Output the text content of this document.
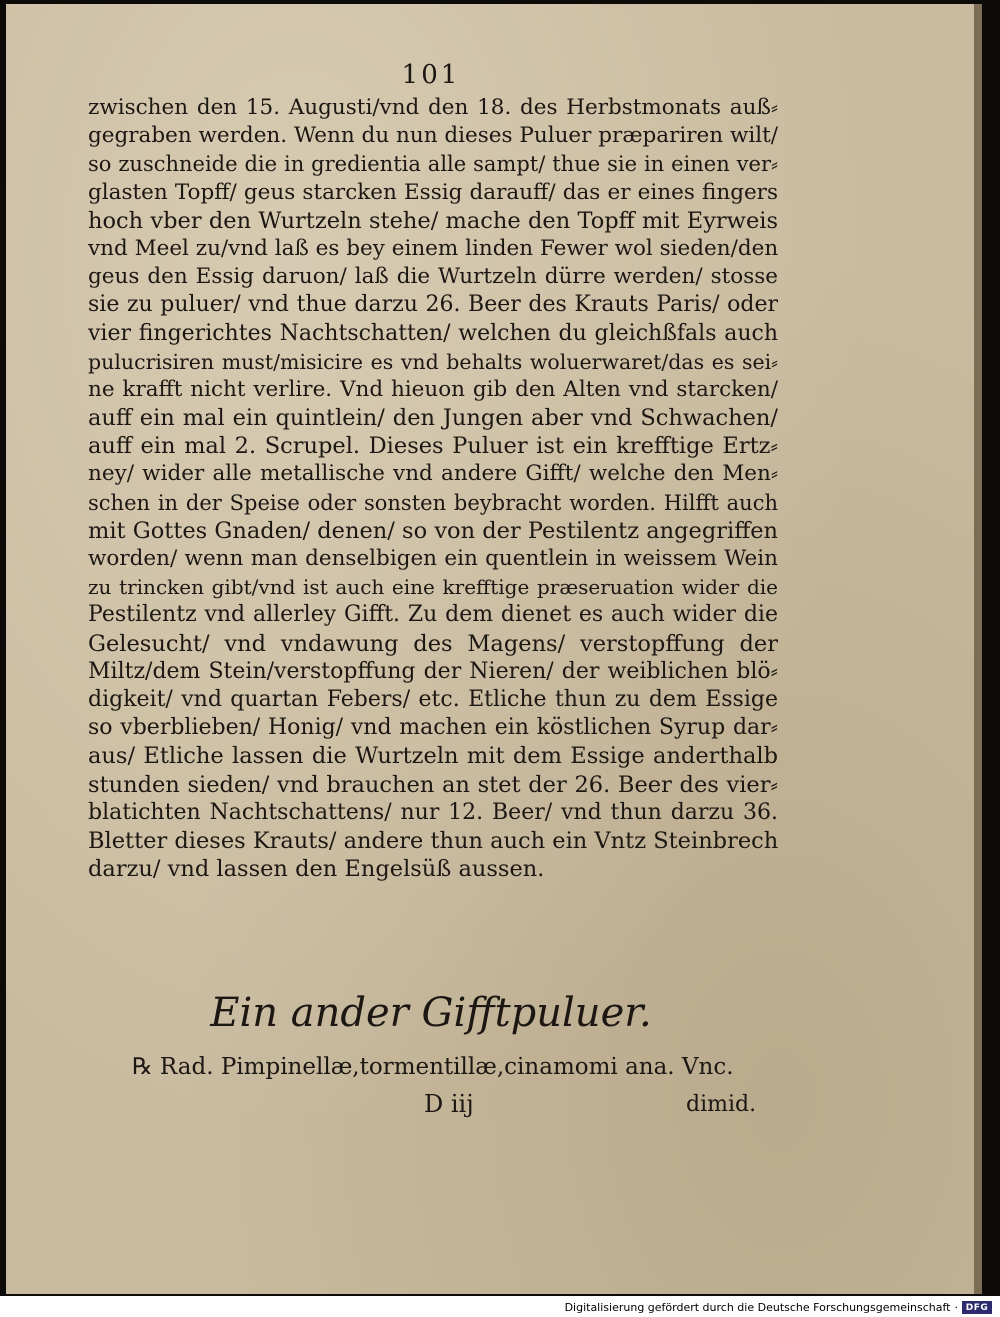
101
zwischen den 15. Augusti/vnd den 18. des Herbstmonats auß⸗
gegraben werden. Wenn du nun dieses Puluer præpariren wilt/
so zuschneide die in gredientia alle sampt/ thue sie in einen ver⸗
glasten Topff/ geus starcken Essig darauff/ das er eines fingers
hoch vber den Wurtzeln stehe/ mache den Topff mit Eyrweis
vnd Meel zu/vnd laß es bey einem linden Fewer wol sieden/den
geus den Essig daruon/ laß die Wurtzeln dürre werden/ stosse
sie zu puluer/ vnd thue darzu 26. Beer des Krauts Paris/ oder
vier fingerichtes Nachtschatten/ welchen du gleichßfals auch
pulucrisiren must/misicire es vnd behalts woluerwaret/das es sei⸗
ne krafft nicht verlire. Vnd hieuon gib den Alten vnd starcken/
auff ein mal ein quintlein/ den Jungen aber vnd Schwachen/
auff ein mal 2. Scrupel. Dieses Puluer ist ein krefftige Ertz⸗
ney/ wider alle metallische vnd andere Gifft/ welche den Men⸗
schen in der Speise oder sonsten beybracht worden. Hilfft auch
mit Gottes Gnaden/ denen/ so von der Pestilentz angegriffen
worden/ wenn man denselbigen ein quentlein in weissem Wein
zu trincken gibt/vnd ist auch eine krefftige præseruation wider die
Pestilentz vnd allerley Gifft. Zu dem dienet es auch wider die
Gelesucht/ vnd vndawung des Magens/ verstopffung der
Miltz/dem Stein/verstopffung der Nieren/ der weiblichen blö⸗
digkeit/ vnd quartan Febers/ etc. Etliche thun zu dem Essige
so vberblieben/ Honig/ vnd machen ein köstlichen Syrup dar⸗
aus/ Etliche lassen die Wurtzeln mit dem Essige anderthalb
stunden sieden/ vnd brauchen an stet der 26. Beer des vier⸗
blatichten Nachtschattens/ nur 12. Beer/ vnd thun darzu 36.
Bletter dieses Krauts/ andere thun auch ein Vntz Steinbrech
darzu/ vnd lassen den Engelsüß aussen.
Ein ander Gifftpuluer.
℞ Rad. Pimpinellæ,tormentillæ,cinamomi ana. Vnc.
D iij	dimid.
Digitalisierung gefördert durch die Deutsche Forschungsgemeinschaft · DFG
